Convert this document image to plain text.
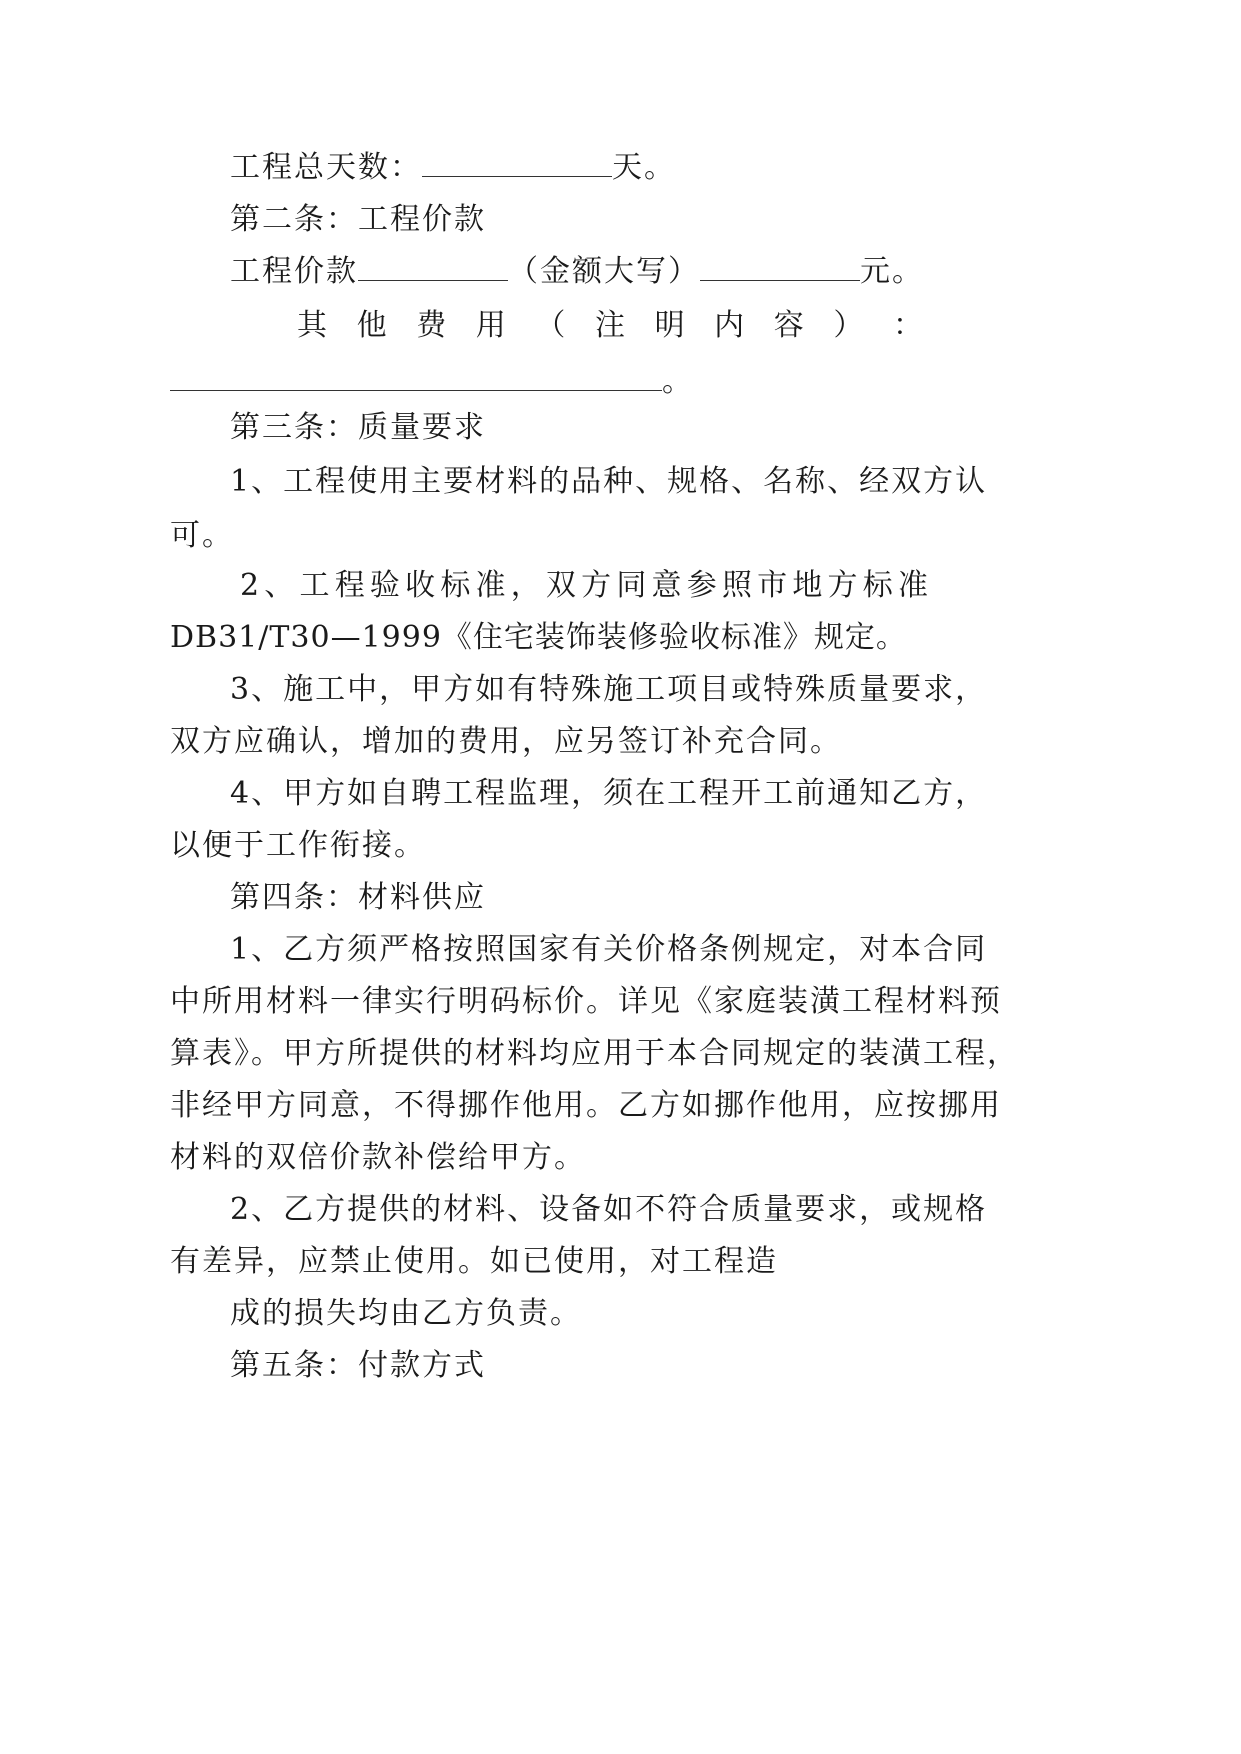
工程总天数：	天。
第二条：工程价款
工程价款	（金额大写）	元。
其 他 费 用 （ 注 明 内 容 ） ：
。
第三条：质量要求
1、工程使用主要材料的品种、规格、名称、经双方认
可。
2 、 工 程 验 收 标 准 ， 双 方 同 意 参 照 市 地 方 标 准
DB31/T30—1999《住宅装饰装修验收标准》规定。
3、施工中，甲方如有特殊施工项目或特殊质量要求，
双方应确认，增加的费用，应另签订补充合同。
4、甲方如自聘工程监理，须在工程开工前通知乙方，
以便于工作衔接。
第四条：材料供应
1、乙方须严格按照国家有关价格条例规定，对本合同
中所用材料一律实行明码标价。详见《家庭装潢工程材料预
算表》。甲方所提供的材料均应用于本合同规定的装潢工程，
非经甲方同意，不得挪作他用。乙方如挪作他用，应按挪用
材料的双倍价款补偿给甲方。
2、乙方提供的材料、设备如不符合质量要求，或规格
有差异，应禁止使用。如已使用，对工程造
成的损失均由乙方负责。
第五条：付款方式
